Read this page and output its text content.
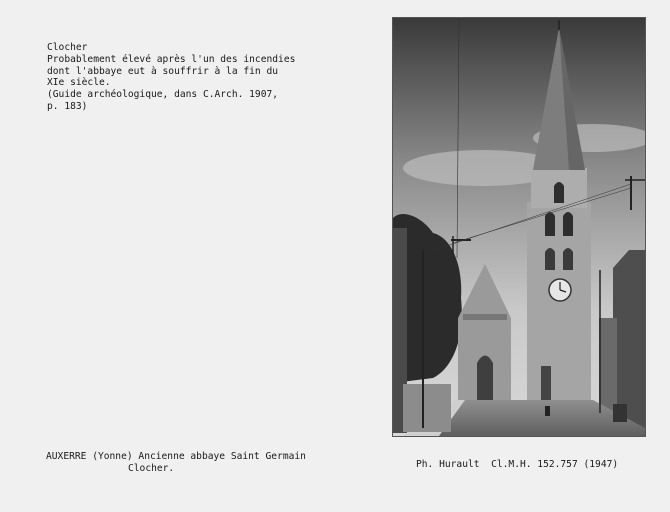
Clocher
Probablement élevé après l'un des incendies
dont l'abbaye eut à souffrir à la fin du
XIe siècle.
(Guide archéologique, dans C.Arch. 1907,
p. 183)
AUXERRE (Yonne) Ancienne abbaye Saint Germain
Clocher.	Ph. Hurault  Cl.M.H. 152.757 (1947)
